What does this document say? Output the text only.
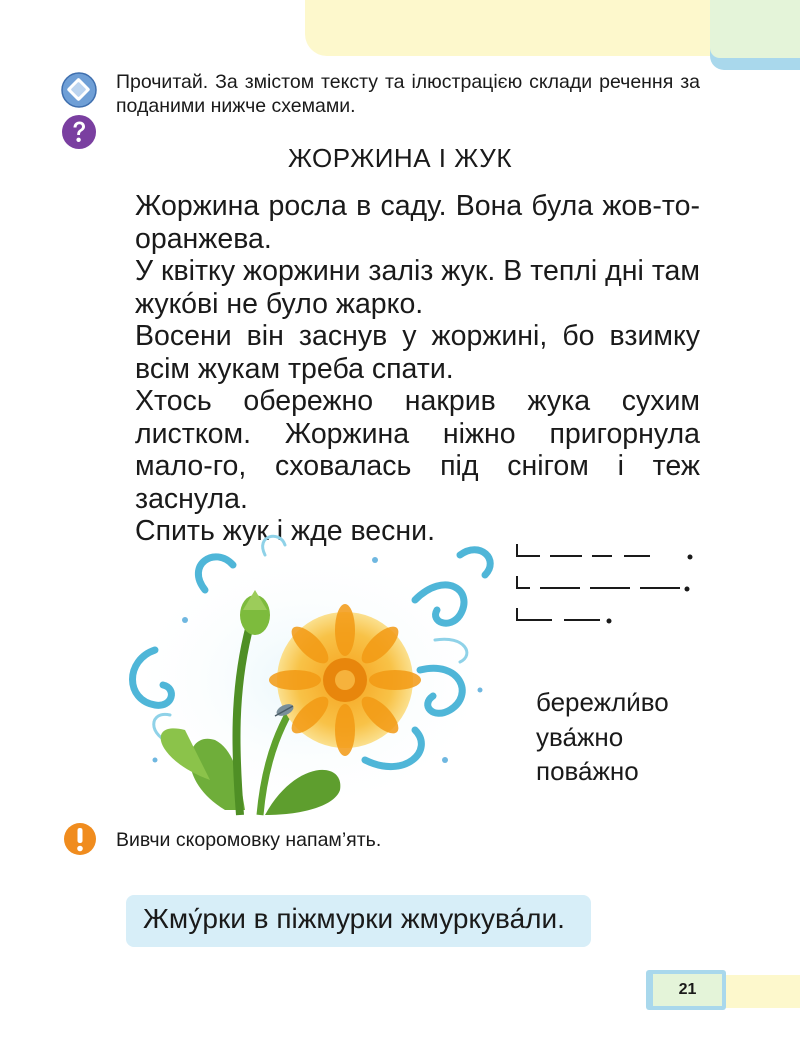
Прочитай. За змістом тексту та ілюстрацією склади речення за поданими нижче схемами.
ЖОРЖИНА І ЖУК

Жоржина росла в саду. Вона була жов-то-оранжева.

У квітку жоржини заліз жук. В теплі дні там жукóві не було жарко.

Восени він заснув у жоржині, бо взимку всім жукам треба спати.

Хтось обережно накрив жука сухим листком. Жоржина ніжно пригорнула мало-го, сховалась під снігом і теж заснула.

Спить жук і жде весни.

бережли́во
ува́жно
пова́жно
Вивчи скоромовку напам’ять.
Жму́рки в піжмурки жмуркува́ли.
21
